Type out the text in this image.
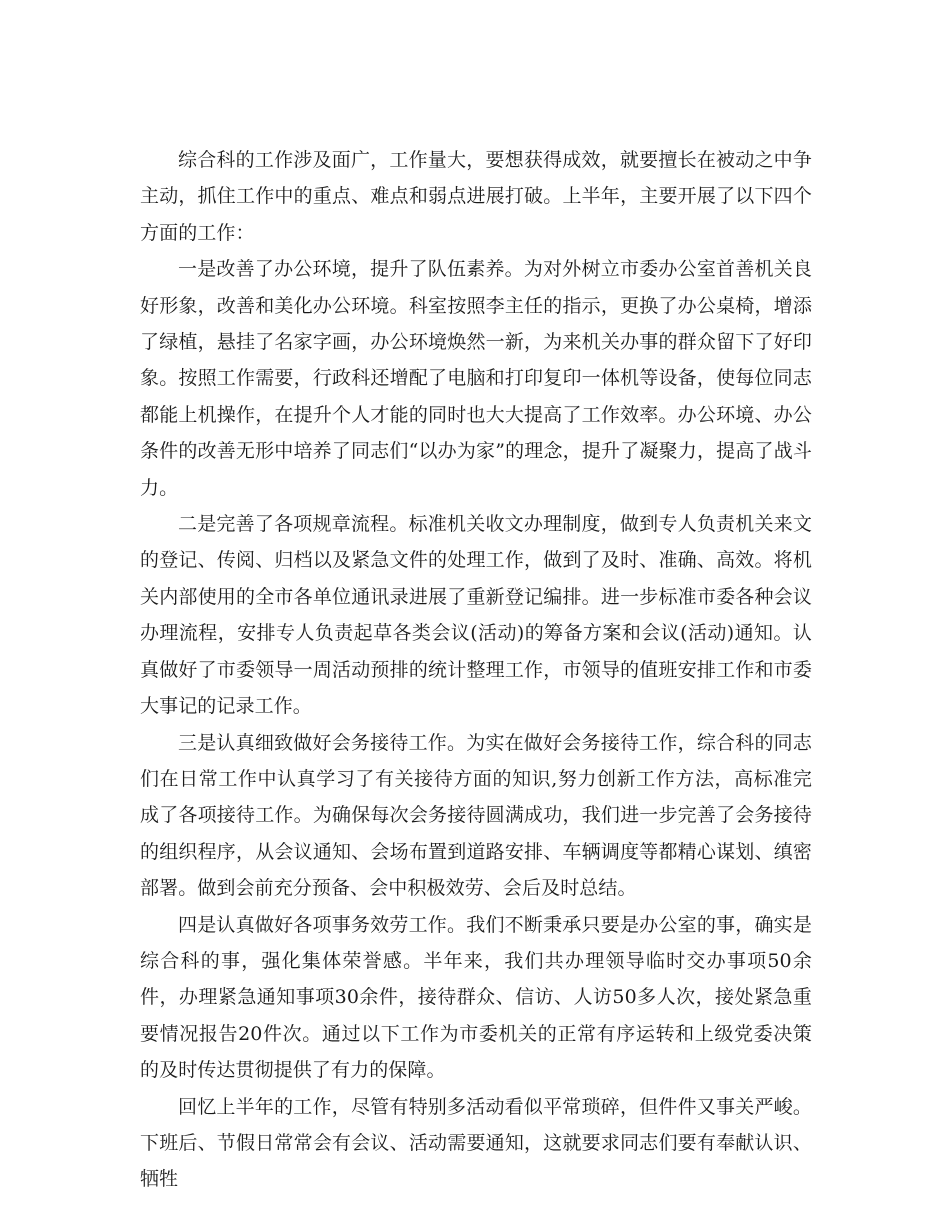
综合科的工作涉及面广，工作量大，要想获得成效，就要擅长在被动之中争主动，抓住工作中的重点、难点和弱点进展打破。上半年，主要开展了以下四个方面的工作：

一是改善了办公环境，提升了队伍素养。为对外树立市委办公室首善机关良好形象，改善和美化办公环境。科室按照李主任的指示，更换了办公桌椅，增添了绿植，悬挂了名家字画，办公环境焕然一新，为来机关办事的群众留下了好印象。按照工作需要，行政科还增配了电脑和打印复印一体机等设备，使每位同志都能上机操作，在提升个人才能的同时也大大提高了工作效率。办公环境、办公条件的改善无形中培养了同志们“以办为家”的理念，提升了凝聚力，提高了战斗力。

二是完善了各项规章流程。标准机关收文办理制度，做到专人负责机关来文的登记、传阅、归档以及紧急文件的处理工作，做到了及时、准确、高效。将机关内部使用的全市各单位通讯录进展了重新登记编排。进一步标准市委各种会议办理流程，安排专人负责起草各类会议(活动)的筹备方案和会议(活动)通知。认真做好了市委领导一周活动预排的统计整理工作，市领导的值班安排工作和市委大事记的记录工作。

三是认真细致做好会务接待工作。为实在做好会务接待工作，综合科的同志们在日常工作中认真学习了有关接待方面的知识,努力创新工作方法，高标准完成了各项接待工作。为确保每次会务接待圆满成功，我们进一步完善了会务接待的组织程序，从会议通知、会场布置到道路安排、车辆调度等都精心谋划、缜密部署。做到会前充分预备、会中积极效劳、会后及时总结。

四是认真做好各项事务效劳工作。我们不断秉承只要是办公室的事，确实是综合科的事，强化集体荣誉感。半年来，我们共办理领导临时交办事项50余件，办理紧急通知事项30余件，接待群众、信访、人访50多人次，接处紧急重要情况报告20件次。通过以下工作为市委机关的正常有序运转和上级党委决策的及时传达贯彻提供了有力的保障。

回忆上半年的工作，尽管有特别多活动看似平常琐碎，但件件又事关严峻。下班后、节假日常常会有会议、活动需要通知，这就要求同志们要有奉献认识、牺牲
